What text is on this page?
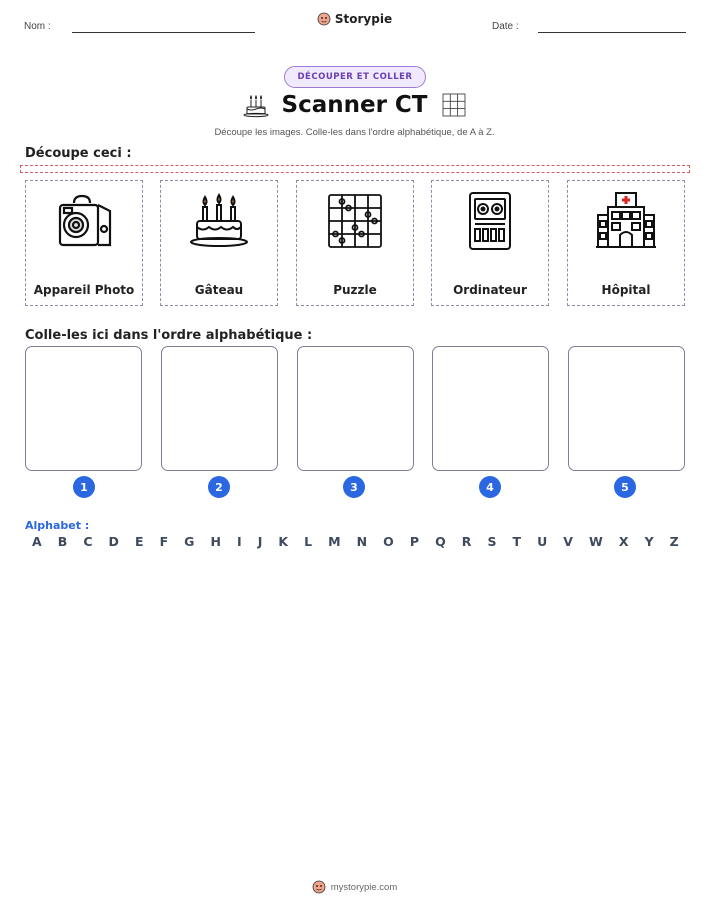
Nom :
Storypie
Date :
DÉCOUPER ET COLLER
Scanner CT
Découpe les images. Colle-les dans l'ordre alphabétique, de A à Z.
Découpe ceci :
Appareil Photo	Gâteau	Puzzle	Ordinateur	Hôpital
Colle-les ici dans l'ordre alphabétique :
1	2	3	4	5
Alphabet :
A B C D E F G H I J K L M N O P Q R S T U V W X Y Z
mystorypie.com
